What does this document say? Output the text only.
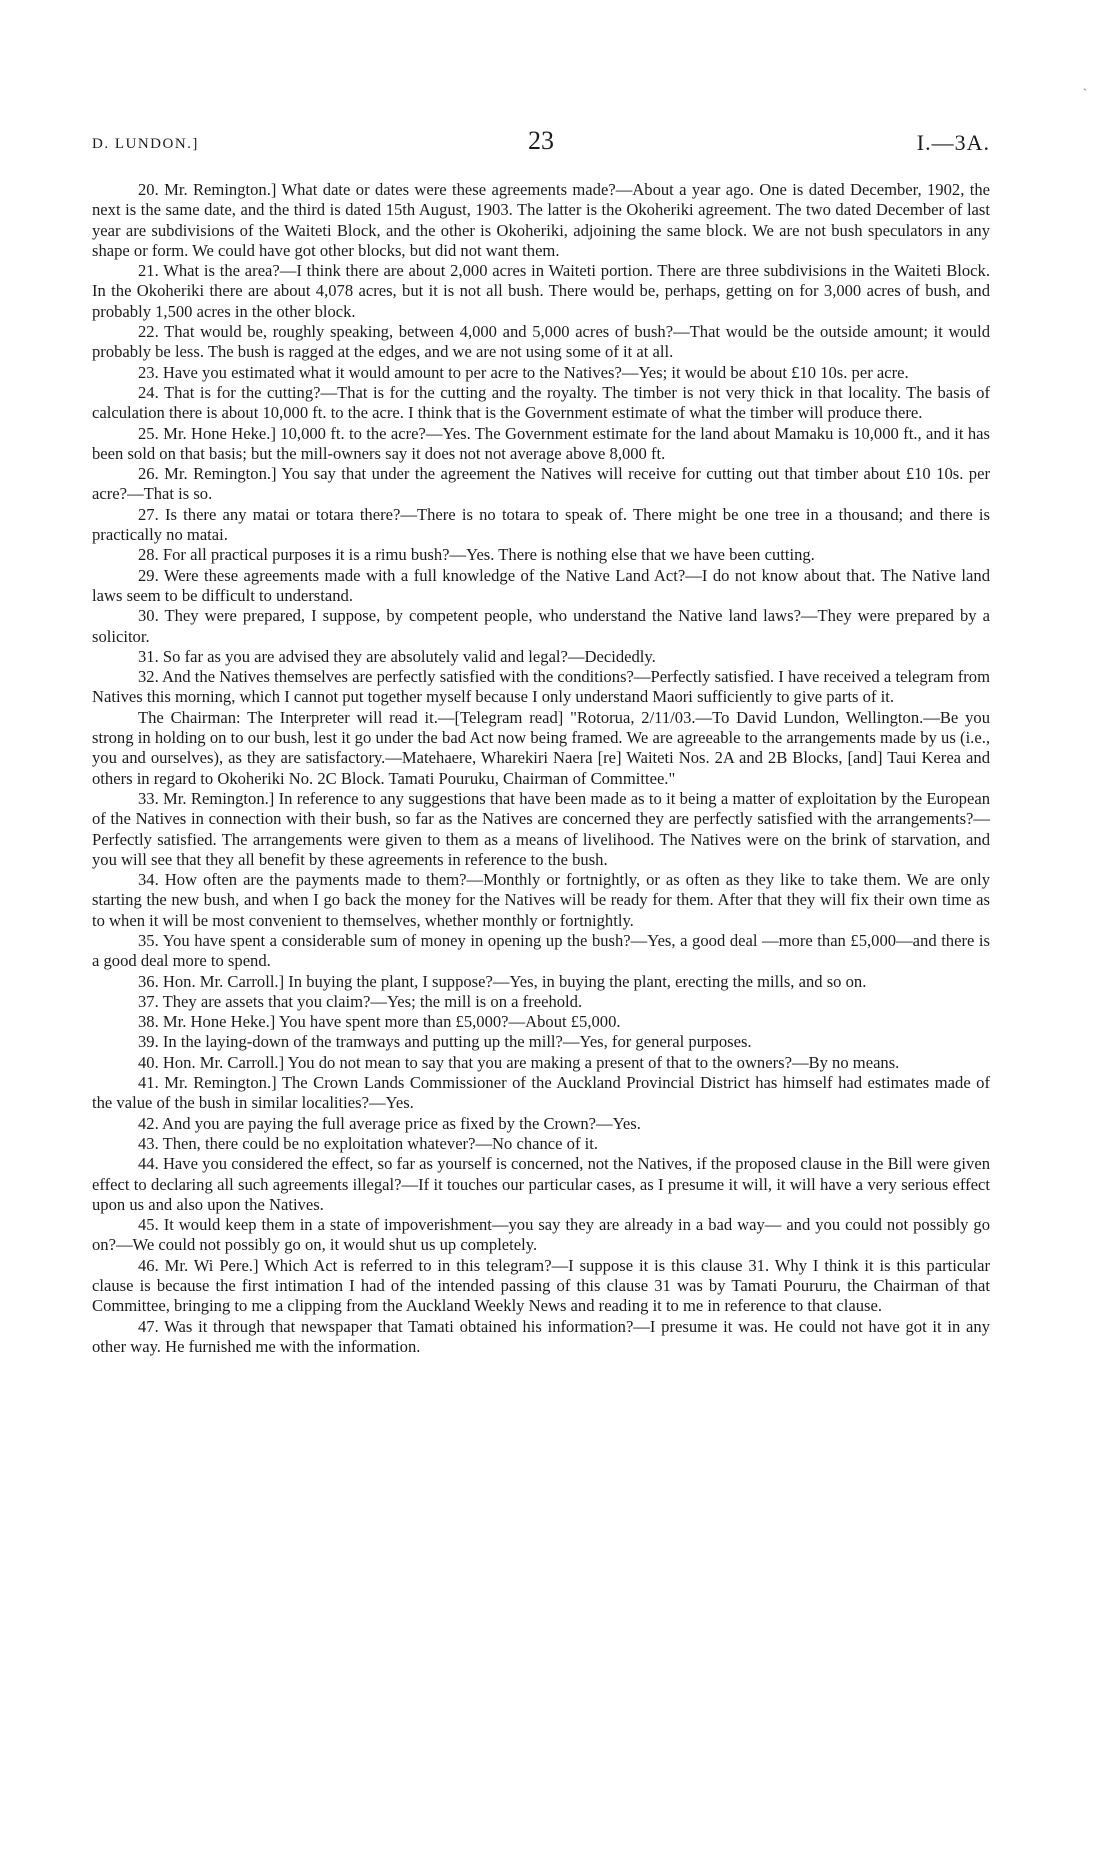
`
D. LUNDON.]	23	I.—3A.

20. Mr. Remington.] What date or dates were these agreements made?—About a year ago. One is dated December, 1902, the next is the same date, and the third is dated 15th August, 1903. The latter is the Okoheriki agreement. The two dated December of last year are subdivisions of the Waiteti Block, and the other is Okoheriki, adjoining the same block. We are not bush speculators in any shape or form. We could have got other blocks, but did not want them.

21. What is the area?—I think there are about 2,000 acres in Waiteti portion. There are three subdivisions in the Waiteti Block. In the Okoheriki there are about 4,078 acres, but it is not all bush. There would be, perhaps, getting on for 3,000 acres of bush, and probably 1,500 acres in the other block.

22. That would be, roughly speaking, between 4,000 and 5,000 acres of bush?—That would be the outside amount; it would probably be less. The bush is ragged at the edges, and we are not using some of it at all.

23. Have you estimated what it would amount to per acre to the Natives?—Yes; it would be about £10 10s. per acre.

24. That is for the cutting?—That is for the cutting and the royalty. The timber is not very thick in that locality. The basis of calculation there is about 10,000 ft. to the acre. I think that is the Government estimate of what the timber will produce there.

25. Mr. Hone Heke.] 10,000 ft. to the acre?—Yes. The Government estimate for the land about Mamaku is 10,000 ft., and it has been sold on that basis; but the mill-owners say it does not not average above 8,000 ft.

26. Mr. Remington.] You say that under the agreement the Natives will receive for cutting out that timber about £10 10s. per acre?—That is so.

27. Is there any matai or totara there?—There is no totara to speak of. There might be one tree in a thousand; and there is practically no matai.

28. For all practical purposes it is a rimu bush?—Yes. There is nothing else that we have been cutting.

29. Were these agreements made with a full knowledge of the Native Land Act?—I do not know about that. The Native land laws seem to be difficult to understand.

30. They were prepared, I suppose, by competent people, who understand the Native land laws?—They were prepared by a solicitor.

31. So far as you are advised they are absolutely valid and legal?—Decidedly.

32. And the Natives themselves are perfectly satisfied with the conditions?—Perfectly satisfied. I have received a telegram from Natives this morning, which I cannot put together myself because I only understand Maori sufficiently to give parts of it.

The Chairman: The Interpreter will read it.—[Telegram read] "Rotorua, 2/11/03.—To David Lundon, Wellington.—Be you strong in holding on to our bush, lest it go under the bad Act now being framed. We are agreeable to the arrangements made by us (i.e., you and ourselves), as they are satisfactory.—Matehaere, Wharekiri Naera [re] Waiteti Nos. 2A and 2B Blocks, [and] Taui Kerea and others in regard to Okoheriki No. 2C Block. Tamati Pouruku, Chairman of Committee."

33. Mr. Remington.] In reference to any suggestions that have been made as to it being a matter of exploitation by the European of the Natives in connection with their bush, so far as the Natives are concerned they are perfectly satisfied with the arrangements?—Perfectly satisfied. The arrangements were given to them as a means of livelihood. The Natives were on the brink of starvation, and you will see that they all benefit by these agreements in reference to the bush.

34. How often are the payments made to them?—Monthly or fortnightly, or as often as they like to take them. We are only starting the new bush, and when I go back the money for the Natives will be ready for them. After that they will fix their own time as to when it will be most convenient to themselves, whether monthly or fortnightly.

35. You have spent a considerable sum of money in opening up the bush?—Yes, a good deal —more than £5,000—and there is a good deal more to spend.

36. Hon. Mr. Carroll.] In buying the plant, I suppose?—Yes, in buying the plant, erecting the mills, and so on.

37. They are assets that you claim?—Yes; the mill is on a freehold.

38. Mr. Hone Heke.] You have spent more than £5,000?—About £5,000.

39. In the laying-down of the tramways and putting up the mill?—Yes, for general purposes.

40. Hon. Mr. Carroll.] You do not mean to say that you are making a present of that to the owners?—By no means.

41. Mr. Remington.] The Crown Lands Commissioner of the Auckland Provincial District has himself had estimates made of the value of the bush in similar localities?—Yes.

42. And you are paying the full average price as fixed by the Crown?—Yes.

43. Then, there could be no exploitation whatever?—No chance of it.

44. Have you considered the effect, so far as yourself is concerned, not the Natives, if the proposed clause in the Bill were given effect to declaring all such agreements illegal?—If it touches our particular cases, as I presume it will, it will have a very serious effect upon us and also upon the Natives.

45. It would keep them in a state of impoverishment—you say they are already in a bad way— and you could not possibly go on?—We could not possibly go on, it would shut us up completely.

46. Mr. Wi Pere.] Which Act is referred to in this telegram?—I suppose it is this clause 31. Why I think it is this particular clause is because the first intimation I had of the intended passing of this clause 31 was by Tamati Poururu, the Chairman of that Committee, bringing to me a clipping from the Auckland Weekly News and reading it to me in reference to that clause.

47. Was it through that newspaper that Tamati obtained his information?—I presume it was. He could not have got it in any other way. He furnished me with the information.
